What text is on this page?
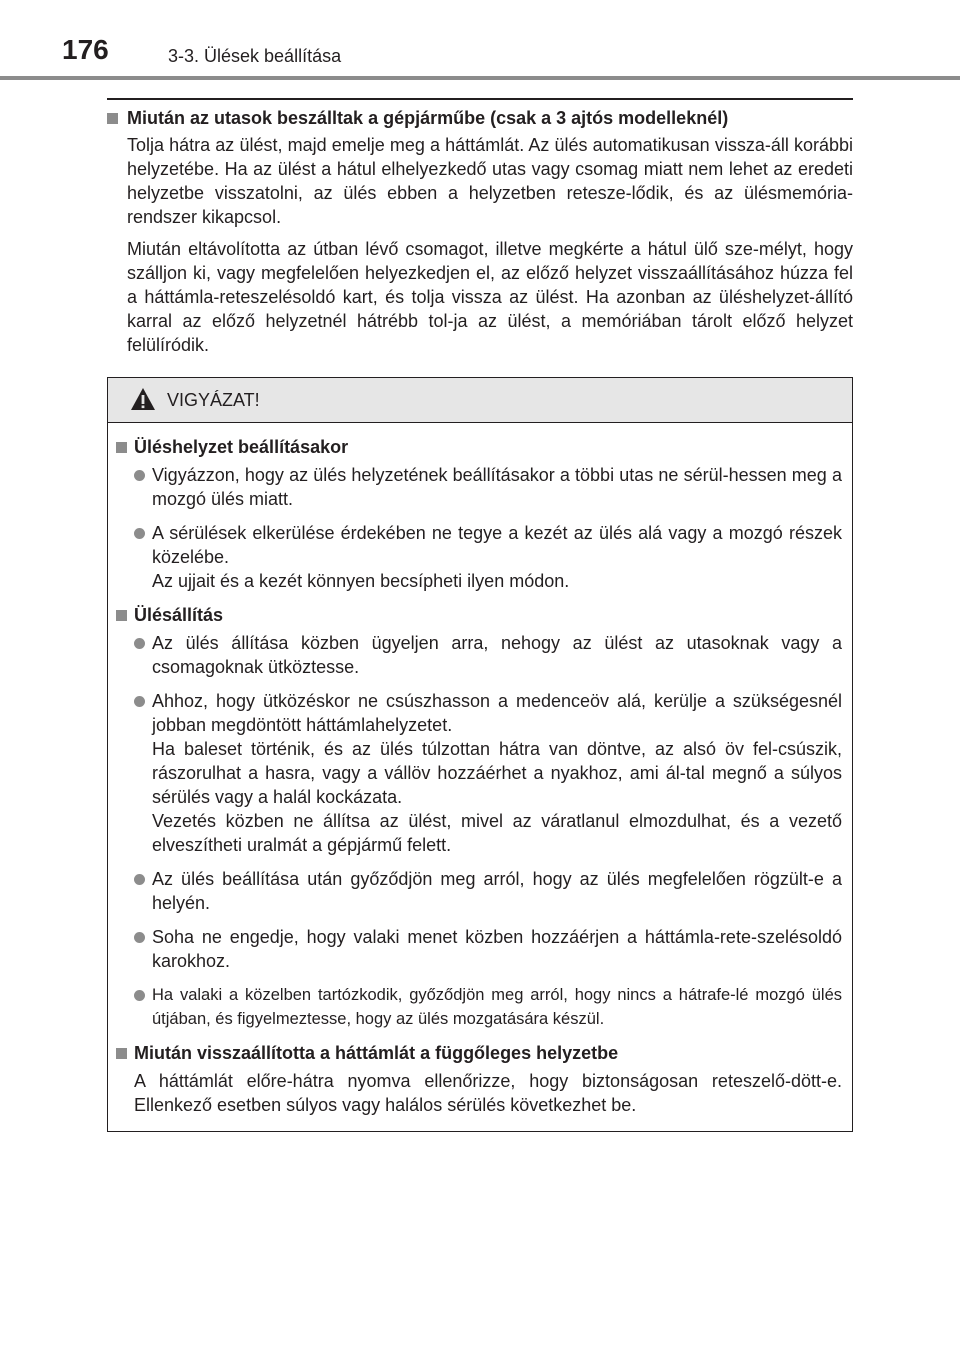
176	3-3. Ülések beállítása

Miután az utasok beszálltak a gépjárműbe (csak a 3 ajtós modelleknél)

Tolja hátra az ülést, majd emelje meg a háttámlát. Az ülés automatikusan vissza-áll korábbi helyzetébe. Ha az ülést a hátul elhelyezkedő utas vagy csomag miatt nem lehet az eredeti helyzetbe visszatolni, az ülés ebben a helyzetben retesze-lődik, és az ülésmemória-rendszer kikapcsol.

Miután eltávolította az útban lévő csomagot, illetve megkérte a hátul ülő sze-mélyt, hogy szálljon ki, vagy megfelelően helyezkedjen el, az előző helyzet visszaállításához húzza fel a háttámla-reteszelésoldó kart, és tolja vissza az ülést. Ha azonban az üléshelyzet-állító karral az előző helyzetnél hátrébb tol-ja az ülést, a memóriában tárolt előző helyzet felülíródik.

VIGYÁZAT!

Üléshelyzet beállításakor

Vigyázzon, hogy az ülés helyzetének beállításakor a többi utas ne sérül-hessen meg a mozgó ülés miatt.
A sérülések elkerülése érdekében ne tegye a kezét az ülés alá vagy a mozgó részek közelébe.
Az ujjait és a kezét könnyen becsípheti ilyen módon.

Ülésállítás

Az ülés állítása közben ügyeljen arra, nehogy az ülést az utasoknak vagy a csomagoknak ütköztesse.
Ahhoz, hogy ütközéskor ne csúszhasson a medenceöv alá, kerülje a szükségesnél jobban megdöntött háttámlahelyzetet.
Ha baleset történik, és az ülés túlzottan hátra van döntve, az alsó öv fel-csúszik, rászorulhat a hasra, vagy a vállöv hozzáérhet a nyakhoz, ami ál-tal megnő a súlyos sérülés vagy a halál kockázata.
Vezetés közben ne állítsa az ülést, mivel az váratlanul elmozdulhat, és a vezető elveszítheti uralmát a gépjármű felett.
Az ülés beállítása után győződjön meg arról, hogy az ülés megfelelően rögzült-e a helyén.
Soha ne engedje, hogy valaki menet közben hozzáérjen a háttámla-rete-szelésoldó karokhoz.
Ha valaki a közelben tartózkodik, győződjön meg arról, hogy nincs a hátrafe-lé mozgó ülés útjában, és figyelmeztesse, hogy az ülés mozgatására készül.

Miután visszaállította a háttámlát a függőleges helyzetbe

A háttámlát előre-hátra nyomva ellenőrizze, hogy biztonságosan reteszelő-dött-e. Ellenkező esetben súlyos vagy halálos sérülés következhet be.
